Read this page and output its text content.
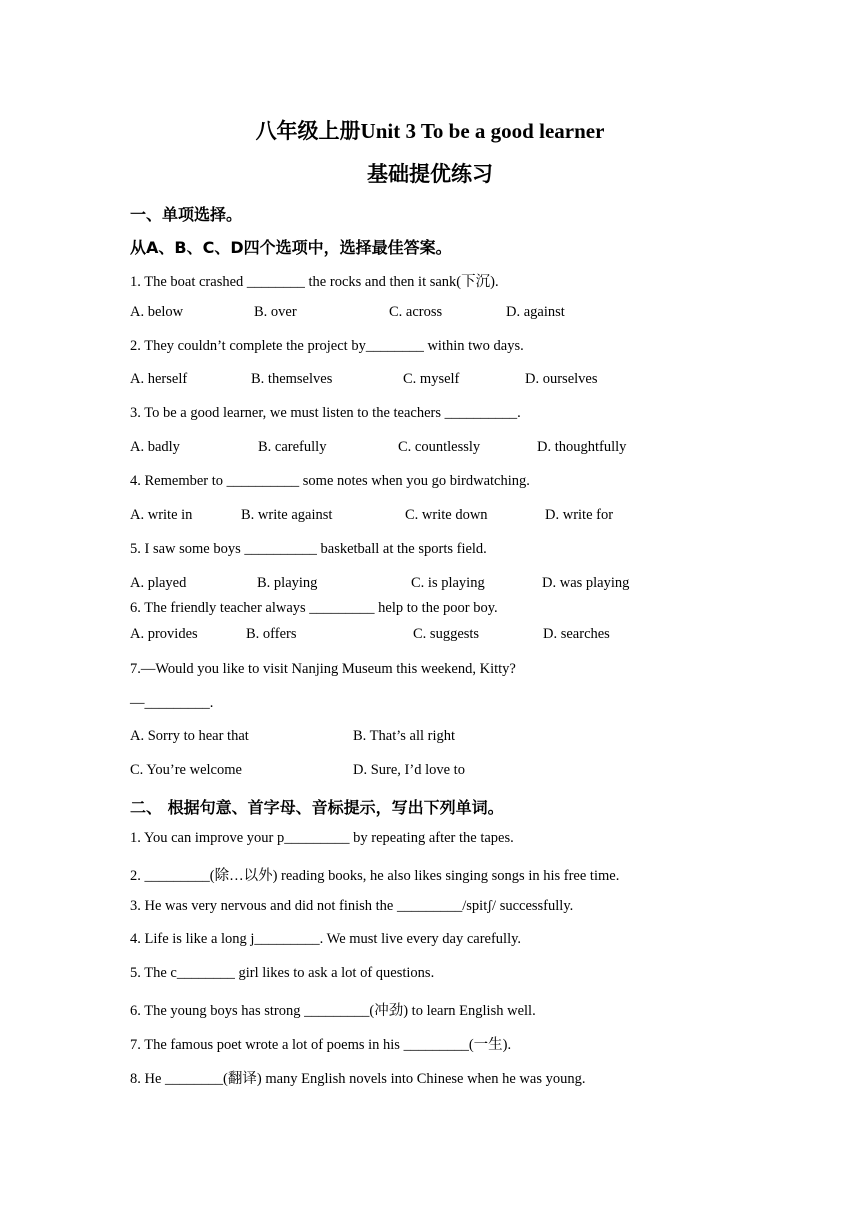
八年级上册Unit 3 To be a good learner
基础提优练习
一、单项选择。
从A、B、C、D四个选项中，选择最佳答案。
1. The boat crashed ________ the rocks and then it sank(下沉).
A. below	B. over	C. across	D. against
2. They couldn’t complete the project by________ within two days.
A. herself	B. themselves	C. myself	D. ourselves
3. To be a good learner, we must listen to the teachers __________.
A. badly	B. carefully	C. countlessly	D. thoughtfully
4. Remember to __________ some notes when you go birdwatching.
A. write in	B. write against	C. write down	D. write for
5. I saw some boys __________ basketball at the sports field.
A. played	B. playing	C. is playing	D. was playing
6. The friendly teacher always _________ help to the poor boy.
A. provides	B. offers	C. suggests	D. searches
7.—Would you like to visit Nanjing Museum this weekend, Kitty?
—_________.
A. Sorry to hear that	B. That’s all right
C. You’re welcome	D. Sure, I’d love to
二、 根据句意、首字母、音标提示，写出下列单词。
1. You can improve your p_________ by repeating after the tapes.
2. _________(除…以外) reading books, he also likes singing songs in his free time.
3. He was very nervous and did not finish the _________/spitʃ/ successfully.
4. Life is like a long j_________. We must live every day carefully.
5. The c________ girl likes to ask a lot of questions.
6. The young boys has strong _________(冲劲) to learn English well.
7. The famous poet wrote a lot of poems in his _________(一生).
8. He ________(翻译) many English novels into Chinese when he was young.
